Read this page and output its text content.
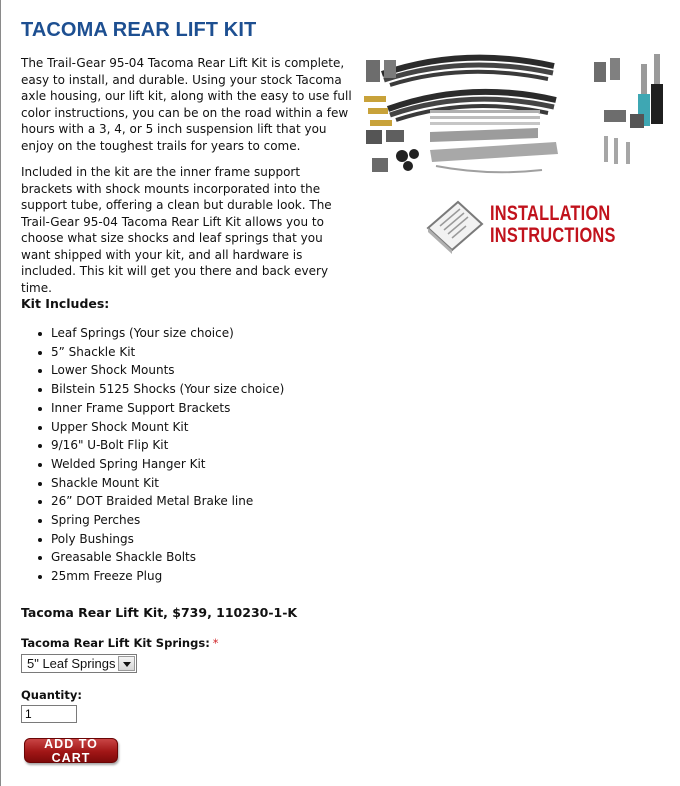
TACOMA REAR LIFT KIT

The Trail-Gear 95-04 Tacoma Rear Lift Kit is complete, easy to install, and durable. Using your stock Tacoma axle housing, our lift kit, along with the easy to use full color instructions, you can be on the road within a few hours with a 3, 4, or 5 inch suspension lift that you enjoy on the toughest trails for years to come.

Included in the kit are the inner frame support brackets with shock mounts incorporated into the support tube, offering a clean but durable look. The Trail-Gear 95-04 Tacoma Rear Lift Kit allows you to choose what size shocks and leaf springs that you want shipped with your kit, and all hardware is included. This kit will get you there and back every time.

INSTALLATION
INSTRUCTIONS
Kit Includes:
Leaf Springs (Your size choice)
5” Shackle Kit
Lower Shock Mounts
Bilstein 5125 Shocks (Your size choice)
Inner Frame Support Brackets
Upper Shock Mount Kit
9/16" U-Bolt Flip Kit
Welded Spring Hanger Kit
Shackle Mount Kit
26” DOT Braided Metal Brake line
Spring Perches
Poly Bushings
Greasable Shackle Bolts
25mm Freeze Plug
Tacoma Rear Lift Kit, $739, 110230-1-K
Tacoma Rear Lift Kit Springs: *
5" Leaf Springs
Quantity:
1
ADD TO CART
